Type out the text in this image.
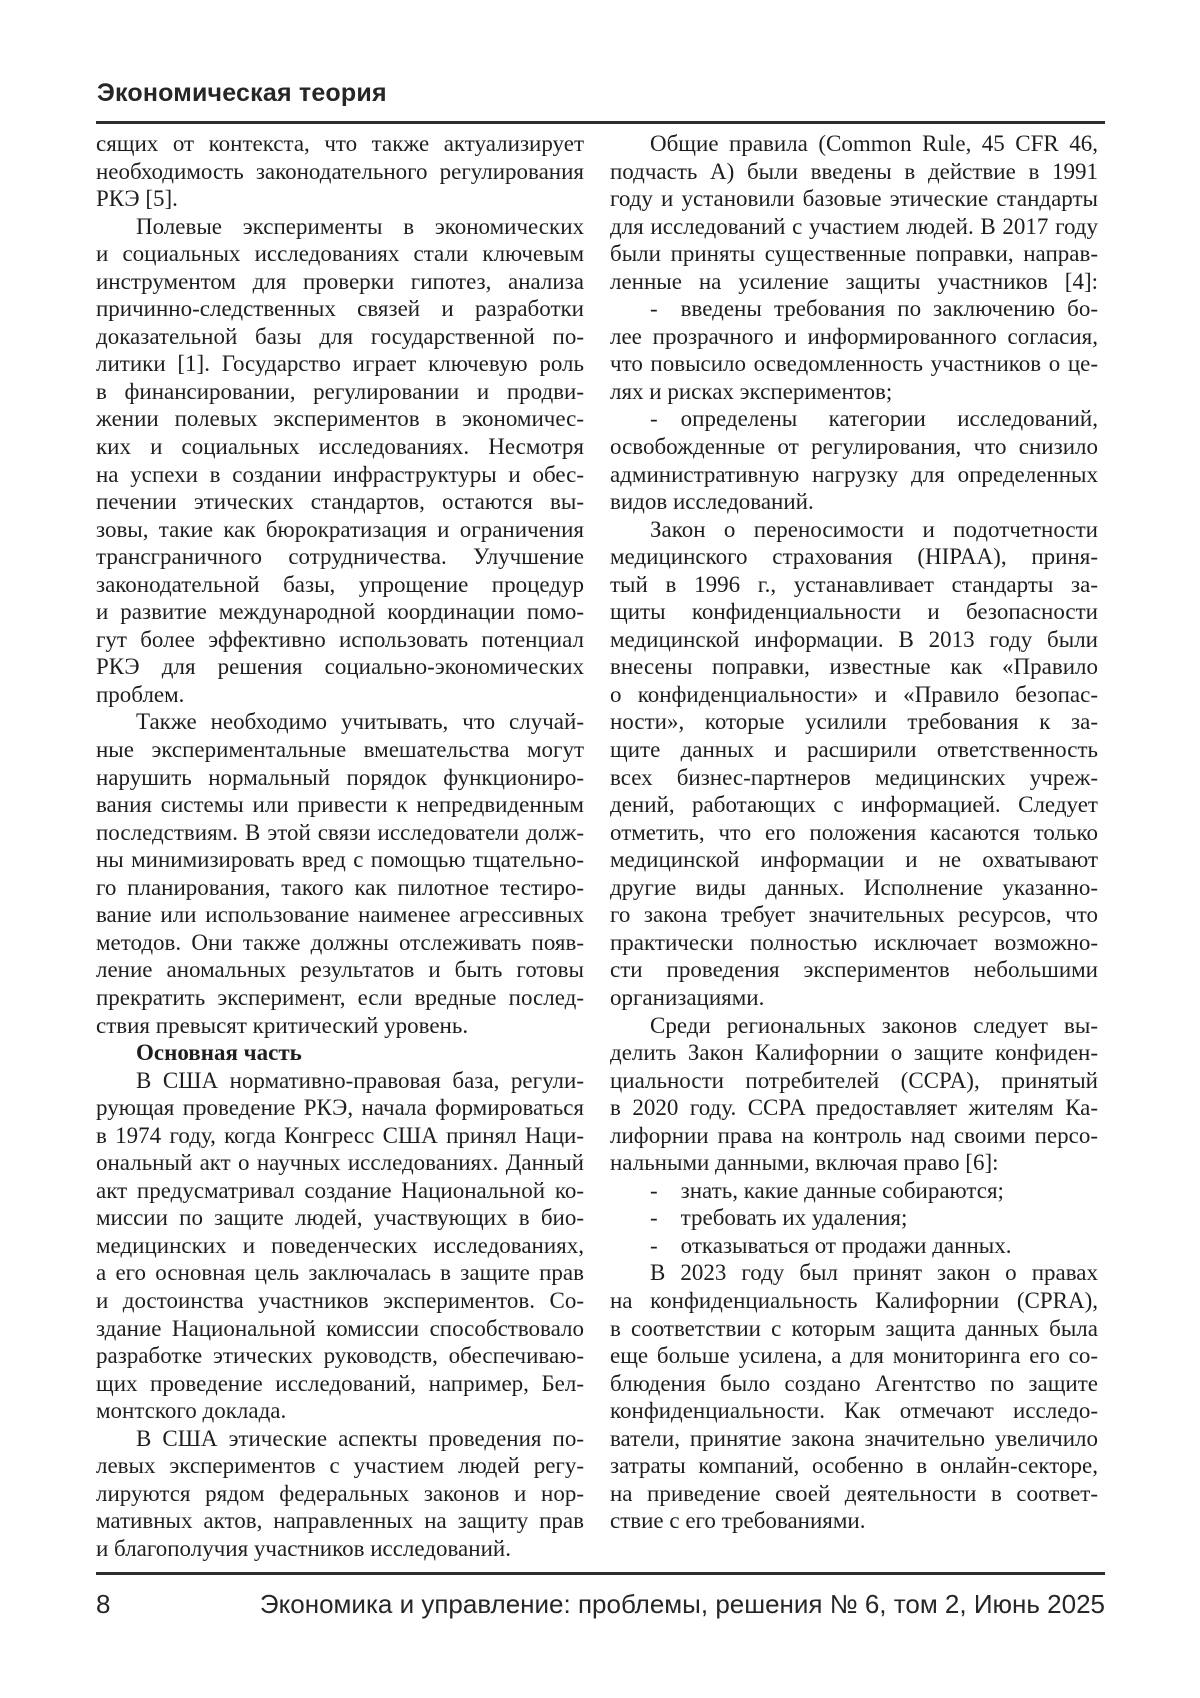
Экономическая теория
сящих от контекста, что также актуализирует
необходимость законодательного регулирования
РКЭ [5].
Полевые эксперименты в экономических
и социальных исследованиях стали ключевым
инструментом для проверки гипотез, анализа
причинно-следственных связей и разработки
доказательной базы для государственной по-
литики [1]. Государство играет ключевую роль
в финансировании, регулировании и продви-
жении полевых экспериментов в экономичес-
ких и социальных исследованиях. Несмотря
на успехи в создании инфраструктуры и обес-
печении этических стандартов, остаются вы-
зовы, такие как бюрократизация и ограничения
трансграничного сотрудничества. Улучшение
законодательной базы, упрощение процедур
и развитие международной координации помо-
гут более эффективно использовать потенциал
РКЭ для решения социально-экономических
проблем.
Также необходимо учитывать, что случай-
ные экспериментальные вмешательства могут
нарушить нормальный порядок функциониро-
вания системы или привести к непредвиденным
последствиям. В этой связи исследователи долж-
ны минимизировать вред с помощью тщательно-
го планирования, такого как пилотное тестиро-
вание или использование наименее агрессивных
методов. Они также должны отслеживать появ-
ление аномальных результатов и быть готовы
прекратить эксперимент, если вредные послед-
ствия превысят критический уровень.
Основная часть
В США нормативно-правовая база, регули-
рующая проведение РКЭ, начала формироваться
в 1974 году, когда Конгресс США принял Наци-
ональный акт о научных исследованиях. Данный
акт предусматривал создание Национальной ко-
миссии по защите людей, участвующих в био-
медицинских и поведенческих исследованиях,
а его основная цель заключалась в защите прав
и достоинства участников экспериментов. Со-
здание Национальной комиссии способствовало
разработке этических руководств, обеспечиваю-
щих проведение исследований, например, Бел-
монтского доклада.
В США этические аспекты проведения по-
левых экспериментов с участием людей регу-
лируются рядом федеральных законов и нор-
мативных актов, направленных на защиту прав
и благополучия участников исследований.
Общие правила (Common Rule, 45 CFR 46,
подчасть А) были введены в действие в 1991
году и установили базовые этические стандарты
для исследований с участием людей. В 2017 году
были приняты существенные поправки, направ-
ленные на усиление защиты участников [4]:
- введены требования по заключению бо-
лее прозрачного и информированного согласия,
что повысило осведомленность участников о це-
лях и рисках экспериментов;
- определены категории исследований,
освобожденные от регулирования, что снизило
административную нагрузку для определенных
видов исследований.
Закон о переносимости и подотчетности
медицинского страхования (HIPAA), приня-
тый в 1996 г., устанавливает стандарты за-
щиты конфиденциальности и безопасности
медицинской информации. В 2013 году были
внесены поправки, известные как «Правило
о конфиденциальности» и «Правило безопас-
ности», которые усилили требования к за-
щите данных и расширили ответственность
всех бизнес-партнеров медицинских учреж-
дений, работающих с информацией. Следует
отметить, что его положения касаются только
медицинской информации и не охватывают
другие виды данных. Исполнение указанно-
го закона требует значительных ресурсов, что
практически полностью исключает возможно-
сти проведения экспериментов небольшими
организациями.
Среди региональных законов следует вы-
делить Закон Калифорнии о защите конфиден-
циальности потребителей (CCPA), принятый
в 2020 году. CCPA предоставляет жителям Ка-
лифорнии права на контроль над своими персо-
нальными данными, включая право [6]:
- знать, какие данные собираются;
- требовать их удаления;
- отказываться от продажи данных.
В 2023 году был принят закон о правах
на конфиденциальность Калифорнии (CPRA),
в соответствии с которым защита данных была
еще больше усилена, а для мониторинга его со-
блюдения было создано Агентство по защите
конфиденциальности. Как отмечают исследо-
ватели, принятие закона значительно увеличило
затраты компаний, особенно в онлайн-секторе,
на приведение своей деятельности в соответ-
ствие с его требованиями.
8	Экономика и управление: проблемы, решения № 6, том 2, Июнь 2025
